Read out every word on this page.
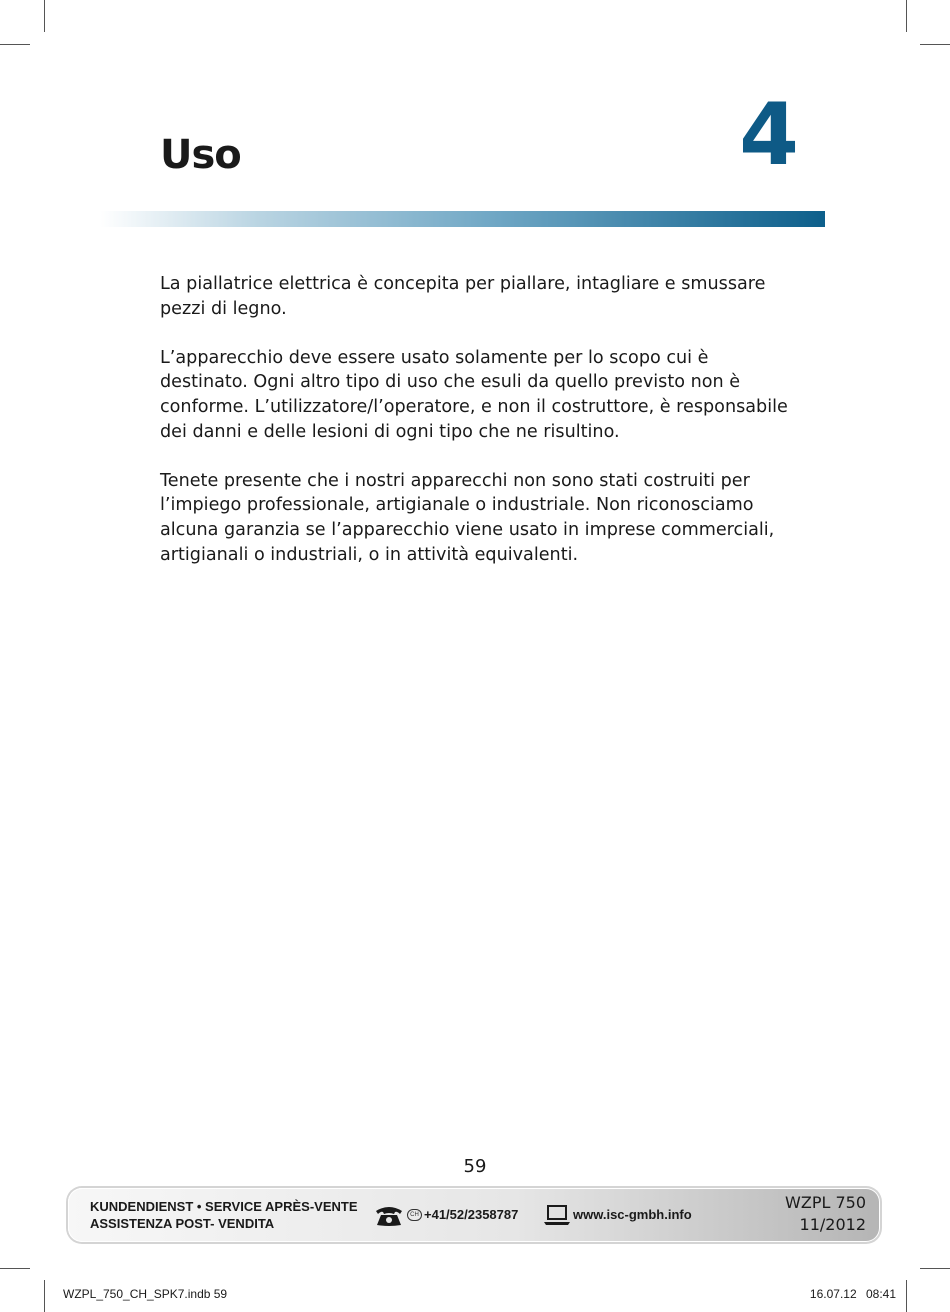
Uso	4

La piallatrice elettrica è concepita per piallare, intagliare e smussare pezzi di legno.

L’apparecchio deve essere usato solamente per lo scopo cui è destinato. Ogni altro tipo di uso che esuli da quello previsto non è conforme. L’utilizzatore/l’operatore, e non il costruttore, è responsabile dei danni e delle lesioni di ogni tipo che ne risultino.

Tenete presente che i nostri apparecchi non sono stati costruiti per l’impiego professionale, artigianale o industriale. Non riconosciamo alcuna garanzia se l’apparecchio viene usato in imprese commerciali, artigianali o industriali, o in attività equivalenti.

59
KUNDENDIENST • SERVICE APRÈS-VENTE
ASSISTENZA POST- VENDITA
CH +41/52/2358787	www.isc-gmbh.info
WZPL 750
11/2012
WZPL_750_CH_SPK7.indb 59	16.07.12 08:41
